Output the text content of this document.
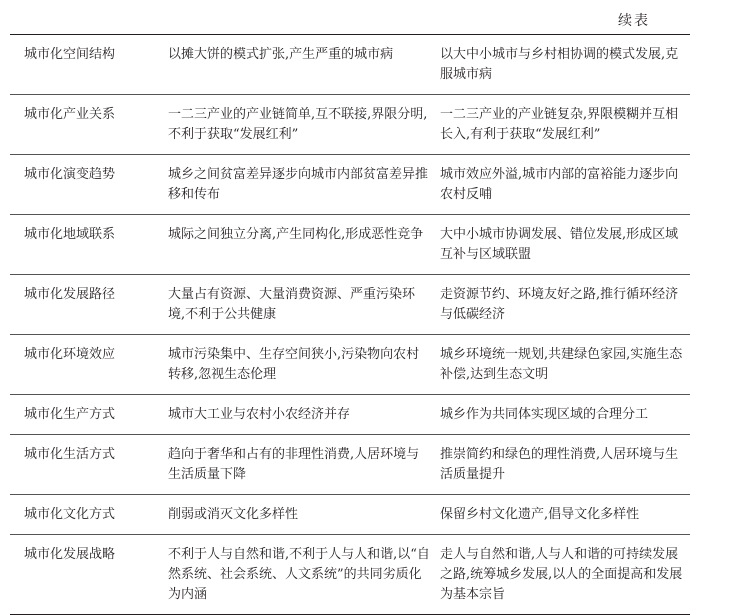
续表
城市化空间结构	以摊大饼的模式扩张,产生严重的城市病	以大中小城市与乡村相协调的模式发展,克服城市病
城市化产业关系	一二三产业的产业链简单,互不联接,界限分明,不利于获取“发展红利”	一二三产业的产业链复杂,界限模糊并互相长入,有利于获取“发展红利”
城市化演变趋势	城乡之间贫富差异逐步向城市内部贫富差异推移和传布	城市效应外溢,城市内部的富裕能力逐步向农村反哺
城市化地域联系	城际之间独立分离,产生同构化,形成恶性竞争	大中小城市协调发展、错位发展,形成区域互补与区域联盟
城市化发展路径	大量占有资源、大量消费资源、严重污染环境,不利于公共健康	走资源节约、环境友好之路,推行循环经济与低碳经济
城市化环境效应	城市污染集中、生存空间狭小,污染物向农村转移,忽视生态伦理	城乡环境统一规划,共建绿色家园,实施生态补偿,达到生态文明
城市化生产方式	城市大工业与农村小农经济并存	城乡作为共同体实现区域的合理分工
城市化生活方式	趋向于奢华和占有的非理性消费,人居环境与生活质量下降	推崇简约和绿色的理性消费,人居环境与生活质量提升
城市化文化方式	削弱或消灭文化多样性	保留乡村文化遗产,倡导文化多样性
城市化发展战略	不利于人与自然和谐,不利于人与人和谐,以“自然系统、社会系统、人文系统”的共同劣质化为内涵	走人与自然和谐,人与人和谐的可持续发展之路,统筹城乡发展,以人的全面提高和发展为基本宗旨
